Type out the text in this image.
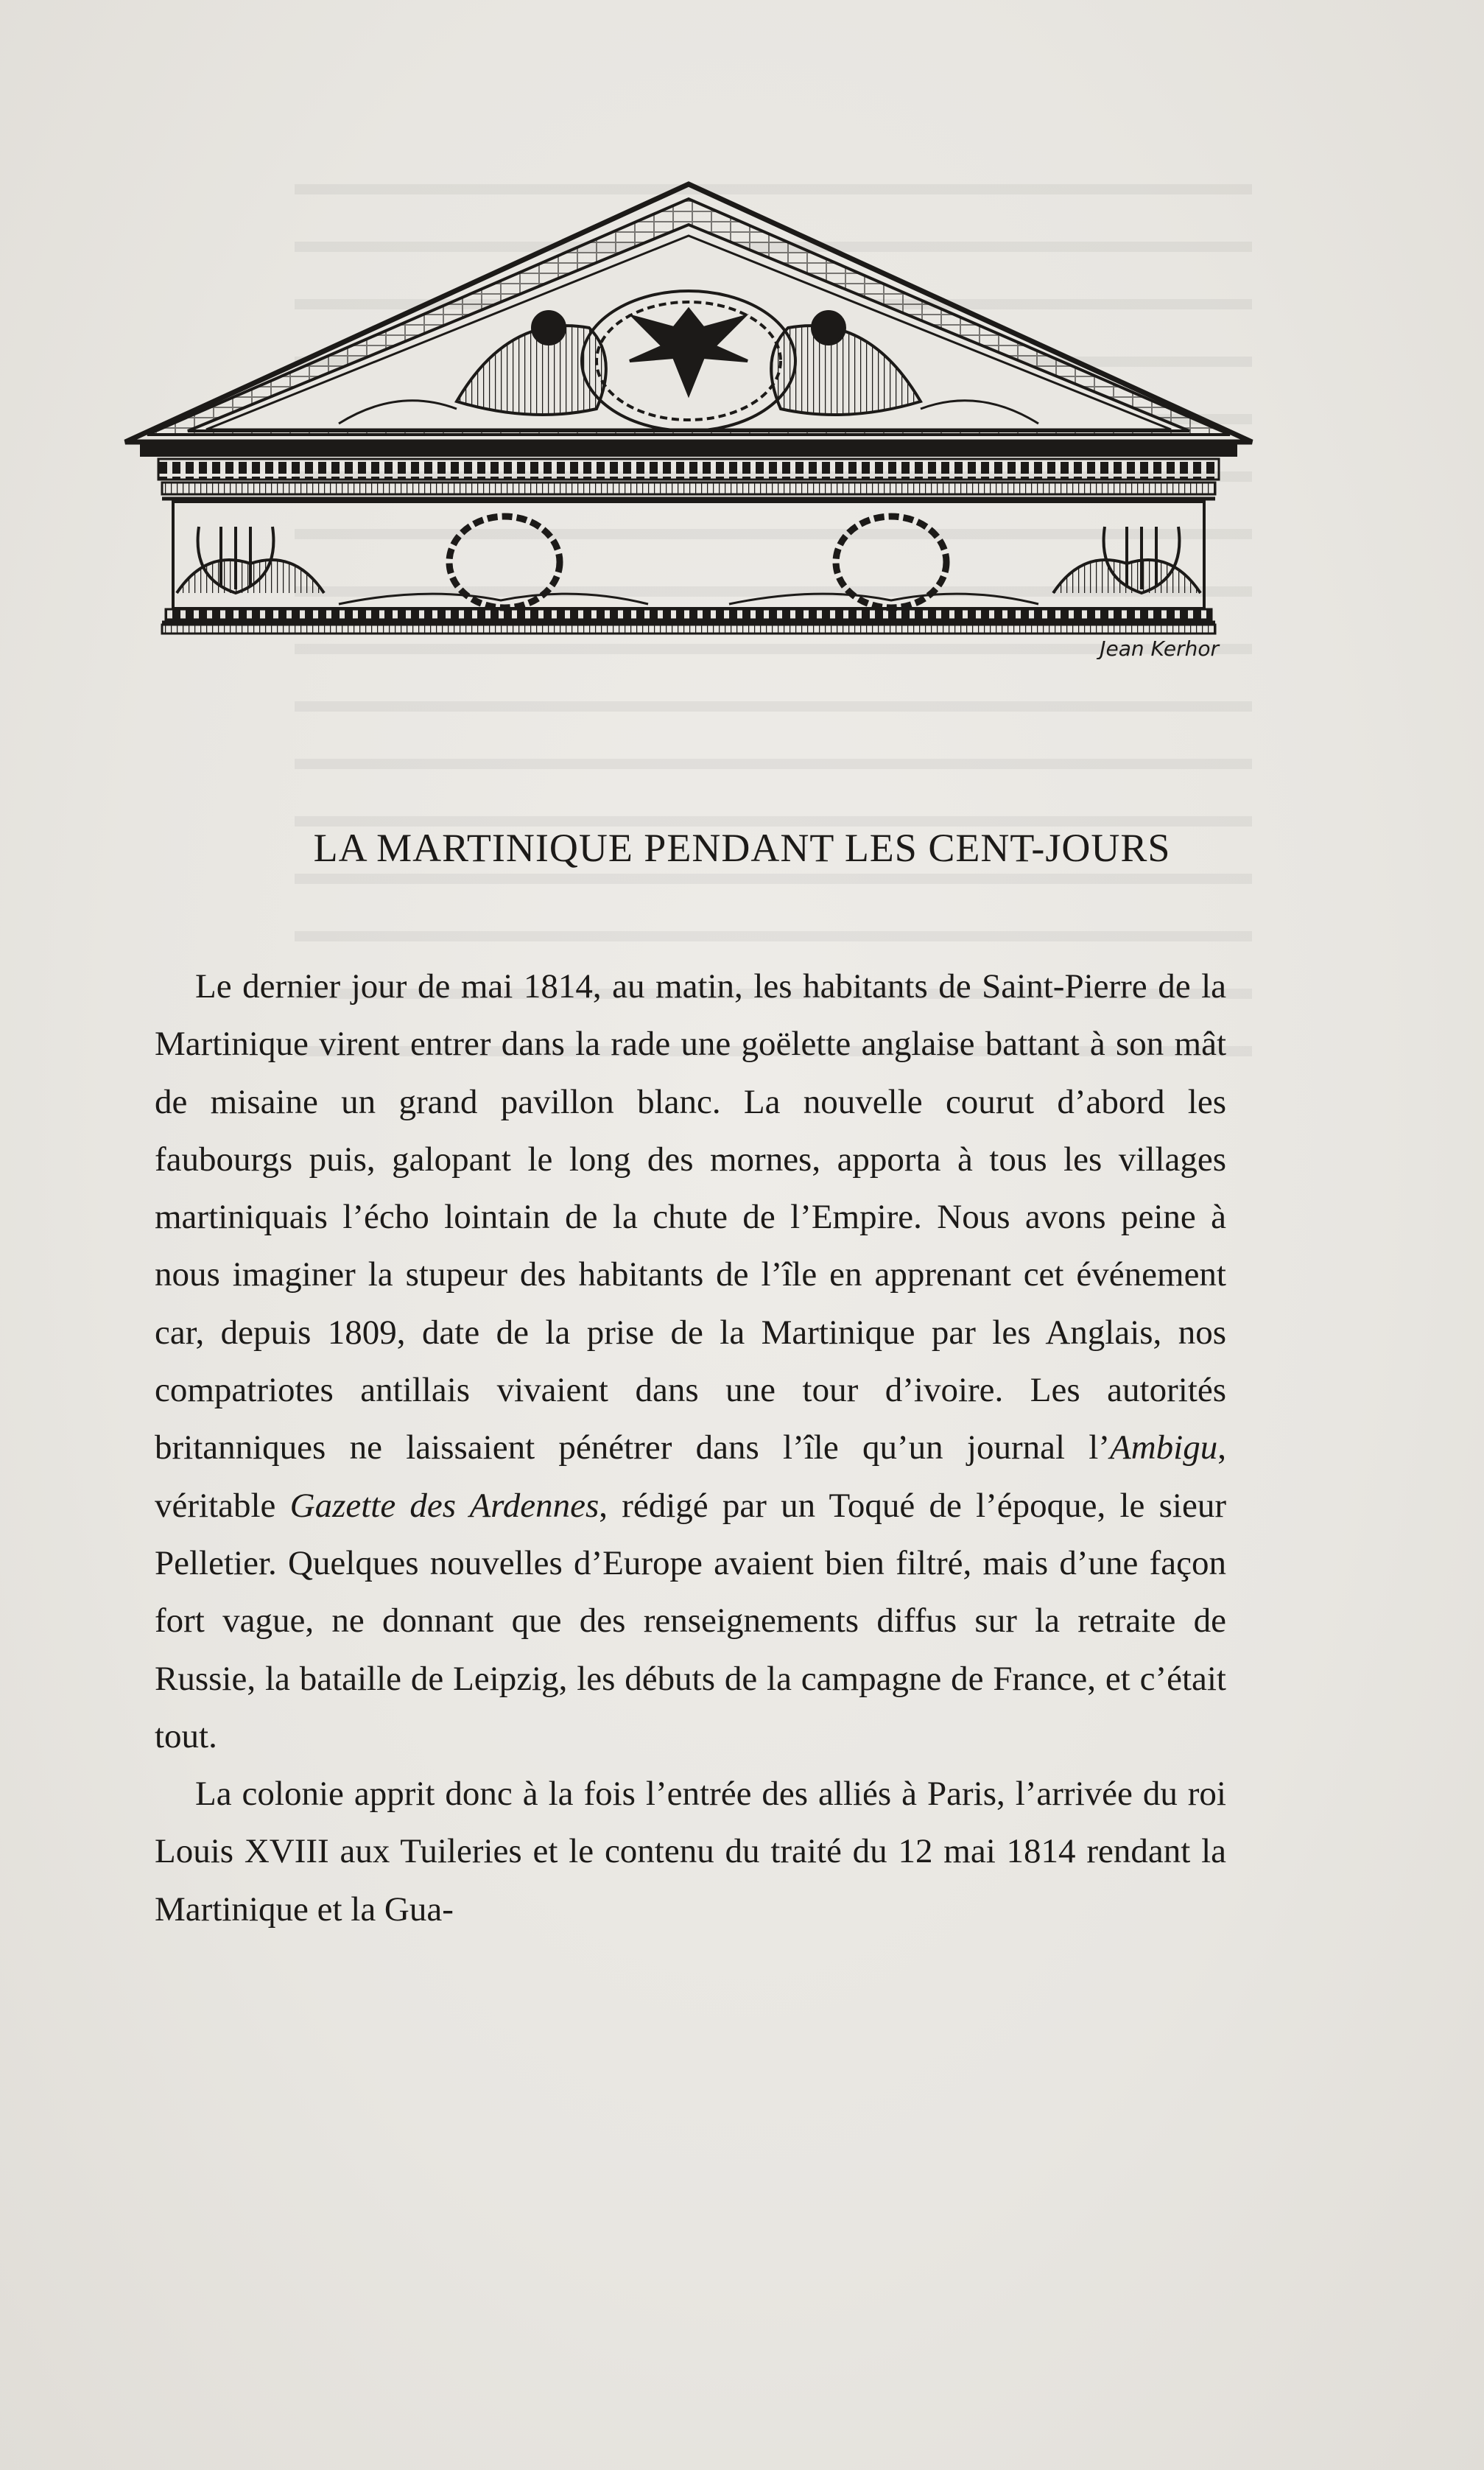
Jean Kerhor
LA MARTINIQUE PENDANT LES CENT-JOURS

Le dernier jour de mai 1814, au matin, les habitants de Saint-Pierre de la Martinique virent entrer dans la rade une goëlette anglaise battant à son mât de misaine un grand pavillon blanc. La nouvelle courut d’abord les faubourgs puis, galopant le long des mornes, apporta à tous les villages martiniquais l’écho lointain de la chute de l’Empire. Nous avons peine à nous imaginer la stupeur des habitants de l’île en apprenant cet événement car, depuis 1809, date de la prise de la Martinique par les Anglais, nos compatriotes antillais vivaient dans une tour d’ivoire. Les autorités britanniques ne laissaient pénétrer dans l’île qu’un journal l’Ambigu, véritable Gazette des Ardennes, rédigé par un Toqué de l’époque, le sieur Pelletier. Quelques nouvelles d’Europe avaient bien filtré, mais d’une façon fort vague, ne donnant que des renseignements diffus sur la retraite de Russie, la bataille de Leipzig, les débuts de la campagne de France, et c’était tout.

La colonie apprit donc à la fois l’entrée des alliés à Paris, l’arrivée du roi Louis XVIII aux Tuileries et le contenu du traité du 12 mai 1814 rendant la Martinique et la Gua-
